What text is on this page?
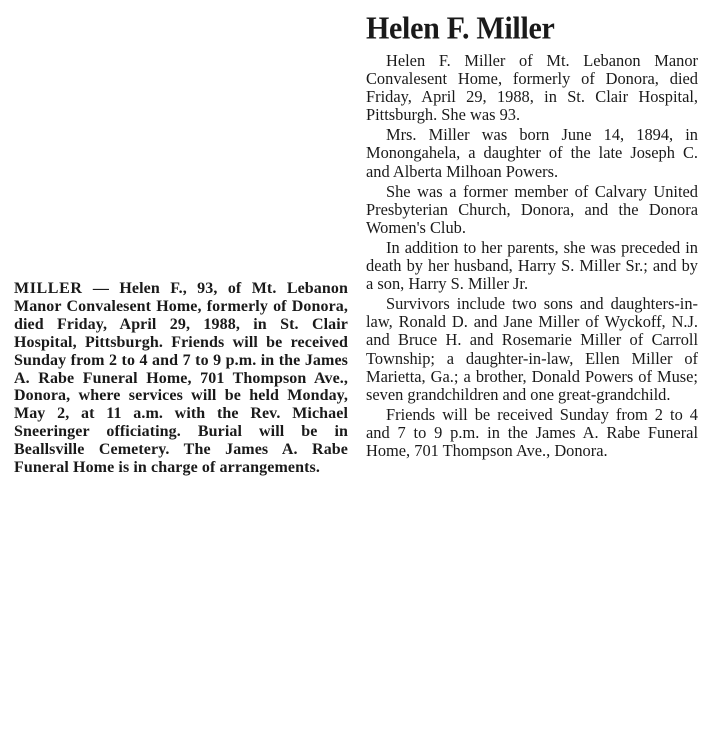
MILLER — Helen F., 93, of Mt. Lebanon Manor Convalesent Home, formerly of Donora, died Friday, April 29, 1988, in St. Clair Hospital, Pittsburgh. Friends will be received Sunday from 2 to 4 and 7 to 9 p.m. in the James A. Rabe Funeral Home, 701 Thompson Ave., Donora, where services will be held Monday, May 2, at 11 a.m. with the Rev. Michael Sneeringer officiating. Burial will be in Beallsville Cemetery. The James A. Rabe Funeral Home is in charge of arrangements.
Helen F. Miller

Helen F. Miller of Mt. Lebanon Manor Convalesent Home, formerly of Donora, died Friday, April 29, 1988, in St. Clair Hospital, Pittsburgh. She was 93.

Mrs. Miller was born June 14, 1894, in Monongahela, a daughter of the late Joseph C. and Alberta Milhoan Powers.

She was a former member of Calvary United Presbyterian Church, Donora, and the Donora Women's Club.

In addition to her parents, she was preceded in death by her husband, Harry S. Miller Sr.; and by a son, Harry S. Miller Jr.

Survivors include two sons and daughters-in-law, Ronald D. and Jane Miller of Wyckoff, N.J. and Bruce H. and Rosemarie Miller of Carroll Township; a daughter-in-law, Ellen Miller of Marietta, Ga.; a brother, Donald Powers of Muse; seven grandchildren and one great-grandchild.

Friends will be received Sunday from 2 to 4 and 7 to 9 p.m. in the James A. Rabe Funeral Home, 701 Thompson Ave., Donora.
